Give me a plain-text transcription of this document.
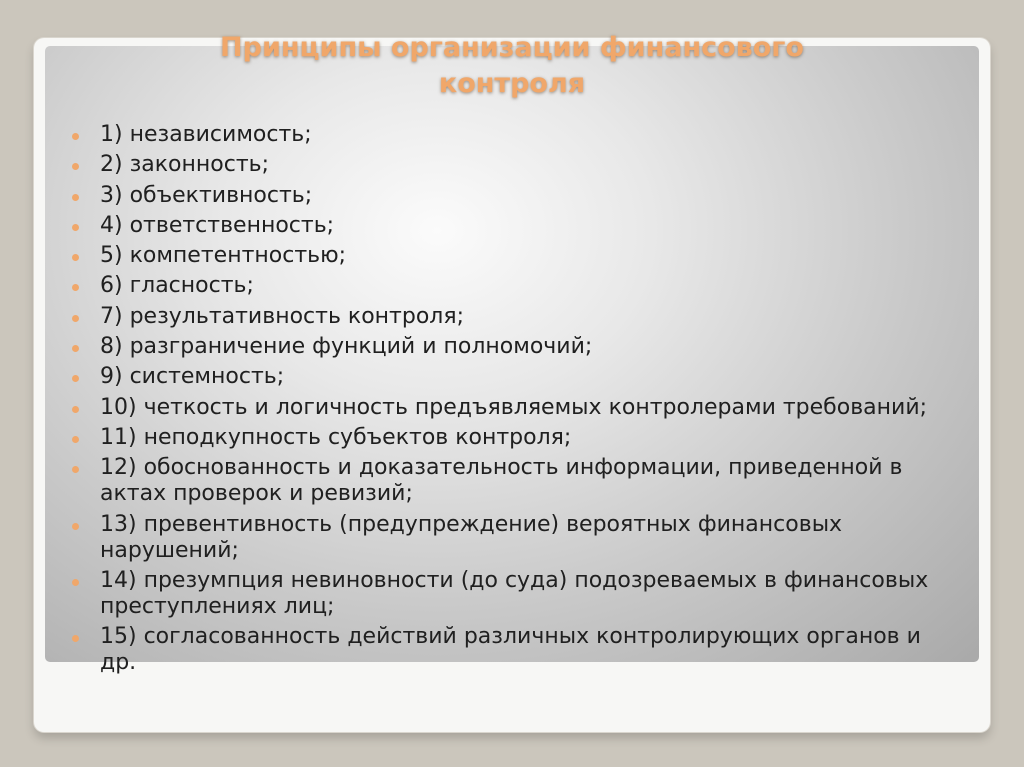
Принципы организации финансового
контроля
1) независимость;
2) законность;
3) объективность;
4) ответственность;
5) компетентностью;
6) гласность;
7) результативность контроля;
8) разграничение функций и полномочий;
9) системность;
10) четкость и логичность предъявляемых контролерами требований;
11) неподкупность субъектов контроля;
12) обоснованность и доказательность информации, приведенной в актах проверок и ревизий;
13) превентивность (предупреждение) вероятных финансовых нарушений;
14) презумпция невиновности (до суда) подозреваемых в финансовых преступлениях лиц;
15) согласованность действий различных контролирующих органов и др.
